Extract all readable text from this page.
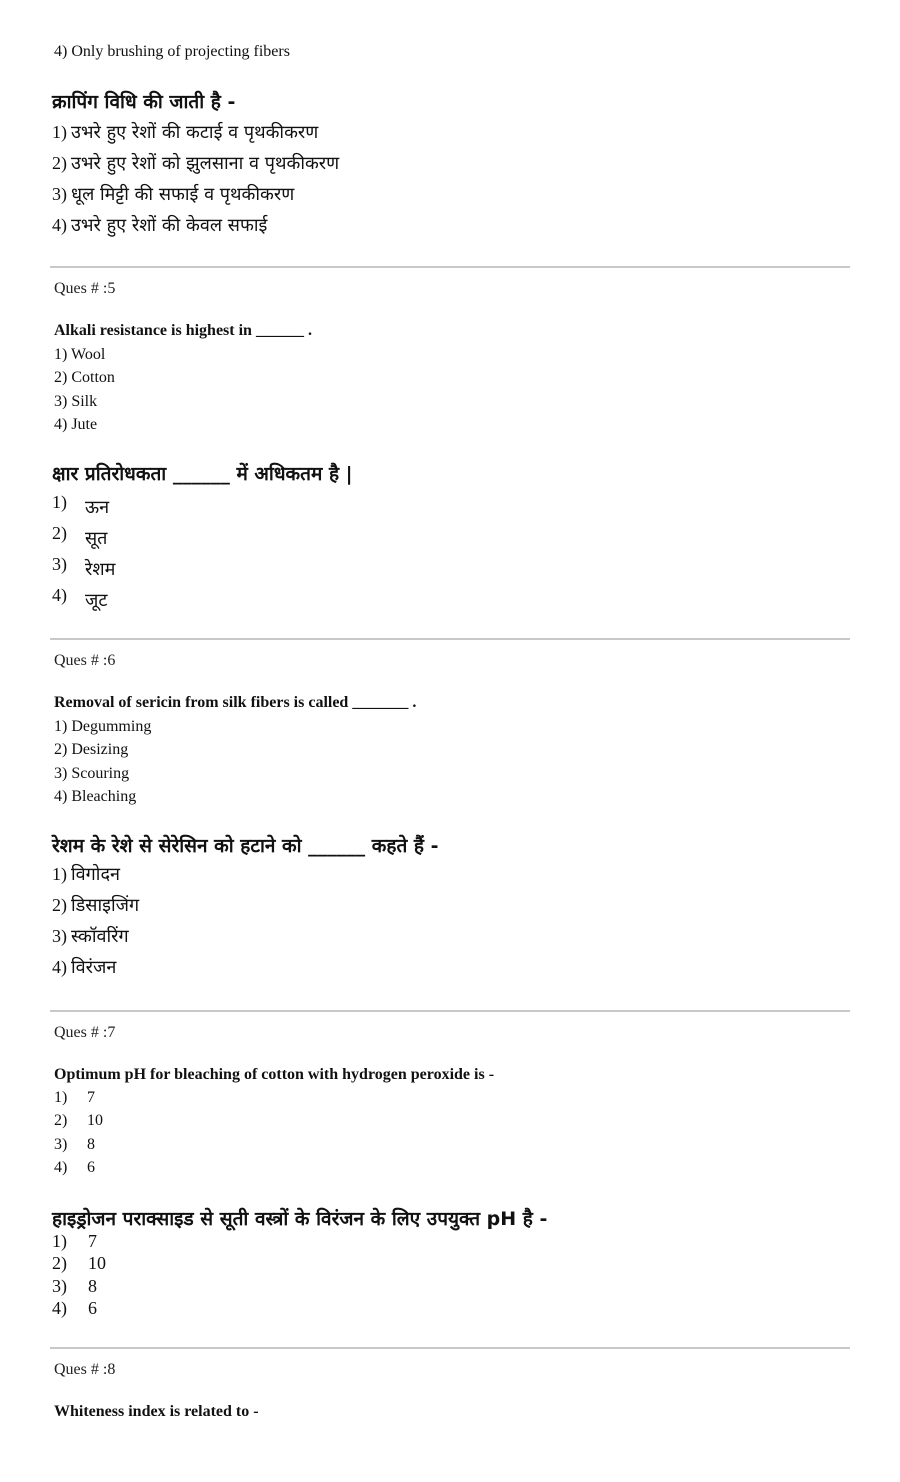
4) Only brushing of projecting fibers
क्रापिंग विधि की जाती है -
1) उभरे हुए रेशों की कटाई व पृथकीकरण
2) उभरे हुए रेशों को झुलसाना व पृथकीकरण
3) धूल मिट्टी की सफाई व पृथकीकरण
4) उभरे हुए रेशों की केवल सफाई
Ques # :5
Alkali resistance is highest in ______ .
1) Wool
2) Cotton
3) Silk
4) Jute
क्षार प्रतिरोधकता ______ में अधिकतम है |
1) ऊन
2) सूत
3) रेशम
4) जूट
Ques # :6
Removal of sericin from silk fibers is called _______ .
1) Degumming
2) Desizing
3) Scouring
4) Bleaching
रेशम के रेशे से सेरेसिन को हटाने को ______ कहते हैं -
1) विगोदन
2) डिसाइजिंग
3) स्कॉवरिंग
4) विरंजन
Ques # :7
Optimum pH for bleaching of cotton with hydrogen peroxide is -
1)	7
2)	10
3)	8
4)	6
हाइड्रोजन पराक्साइड से सूती वस्त्रों के विरंजन के लिए उपयुक्त pH है -
1)	7
2)	10
3)	8
4)	6
Ques # :8
Whiteness index is related to -
